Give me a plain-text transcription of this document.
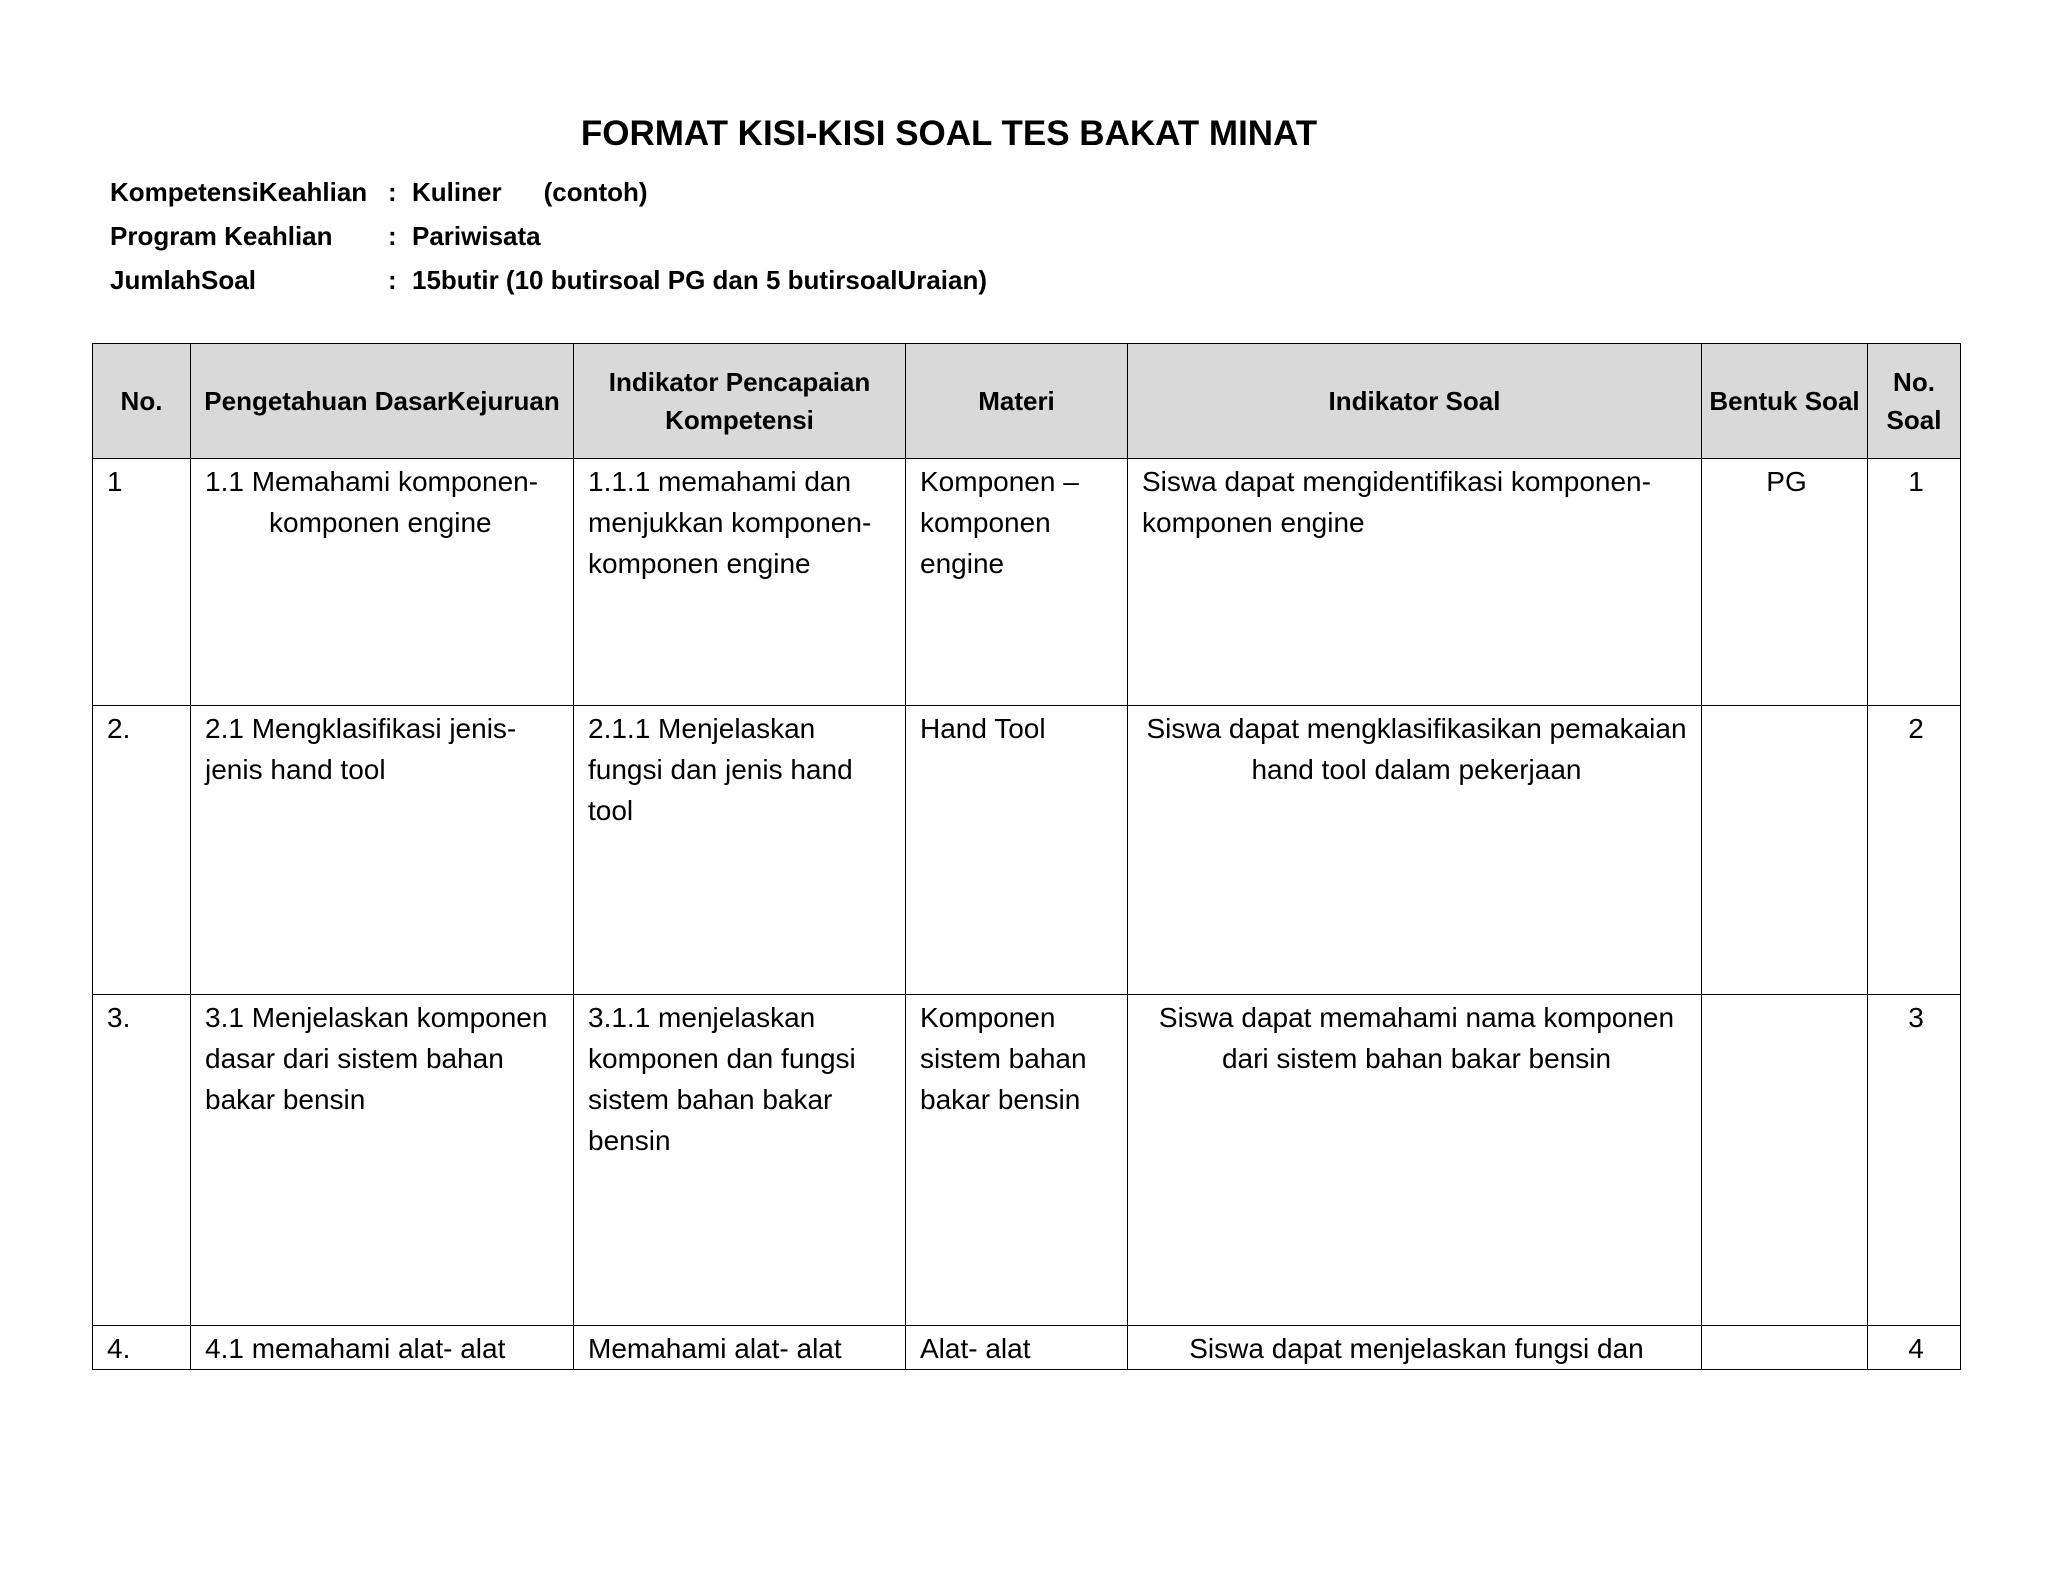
FORMAT KISI-KISI SOAL TES BAKAT MINAT
KompetensiKeahlian : Kuliner (contoh)
Program Keahlian : Pariwisata
JumlahSoal	: 15butir (10 butirsoal PG dan 5 butirsoalUraian)
No.	Pengetahuan DasarKejuruan	Indikator Pencapaian Kompetensi	Materi	Indikator Soal	Bentuk Soal	No. Soal
1	1.1 Memahami komponen- komponen engine	1.1.1 memahami dan menjukkan komponen- komponen engine	Komponen – komponen engine	Siswa dapat mengidentifikasi komponen- komponen engine	PG	1
2.	2.1 Mengklasifikasi jenis-jenis hand tool	2.1.1 Menjelaskan fungsi dan jenis hand tool	Hand Tool	Siswa dapat mengklasifikasikan pemakaian hand tool dalam pekerjaan		2
3.	3.1 Menjelaskan komponen dasar dari sistem bahan bakar bensin	3.1.1 menjelaskan komponen dan fungsi sistem bahan bakar bensin	Komponen sistem bahan bakar bensin	Siswa dapat memahami nama komponen dari sistem bahan bakar bensin		3
4.	4.1 memahami alat- alat	Memahami alat- alat	Alat- alat	Siswa dapat menjelaskan fungsi dan		4
